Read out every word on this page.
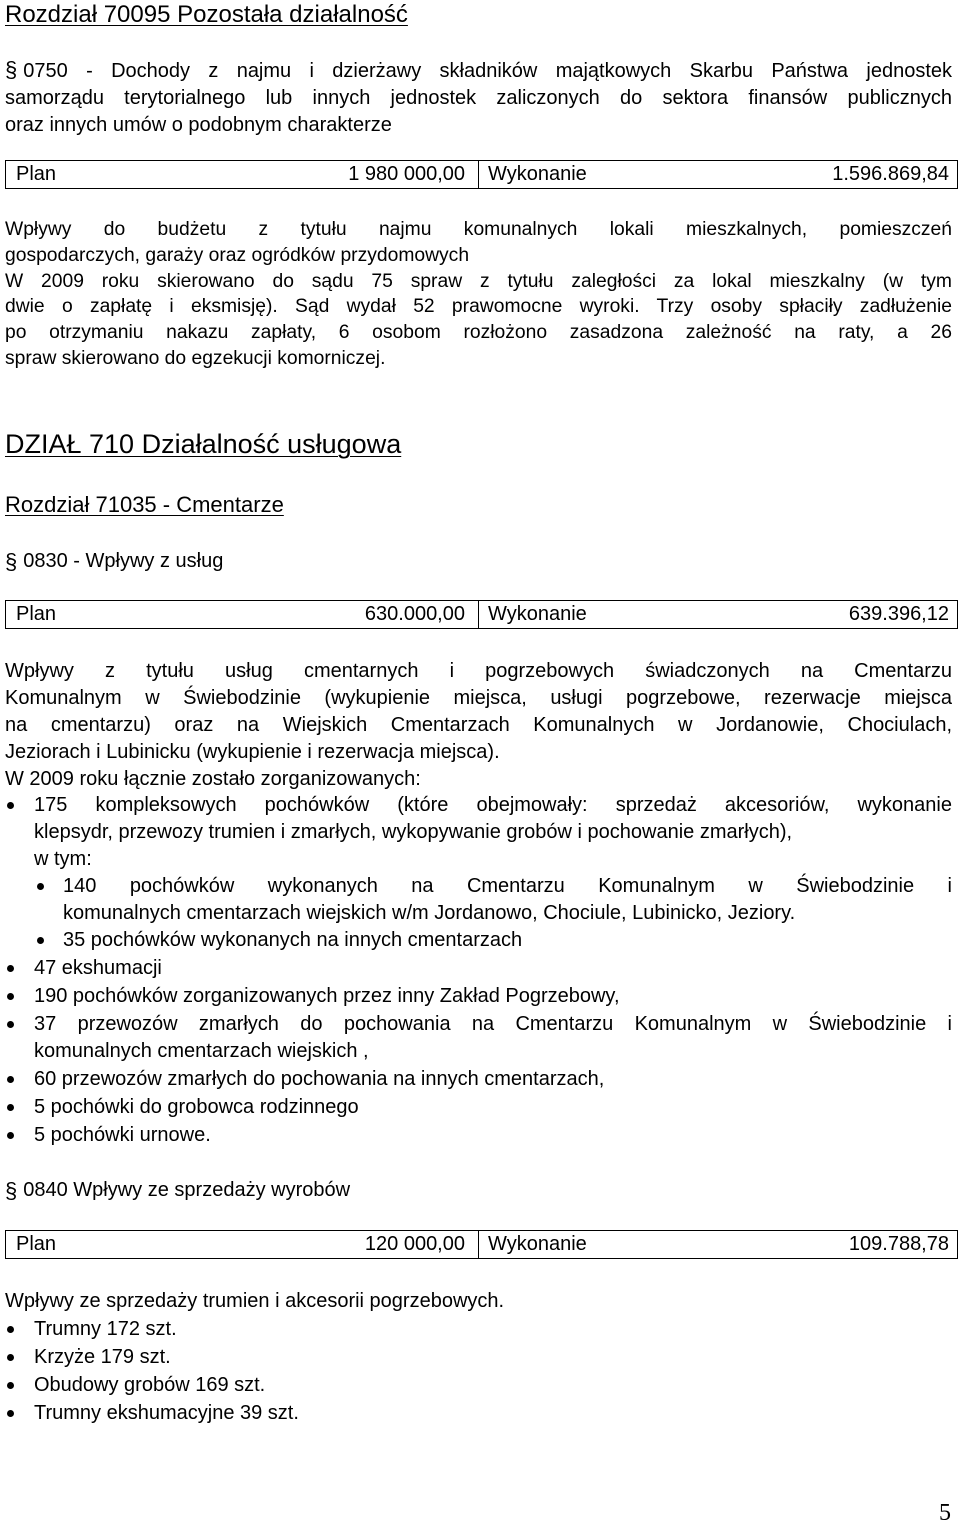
Rozdział 70095 Pozostała działalność
§ 0750 - Dochody z najmu i dzierżawy składników majątkowych Skarbu Państwa jednostek
samorządu terytorialnego lub innych jednostek zaliczonych do sektora finansów publicznych
oraz innych umów o podobnym charakterze
Plan	1 980 000,00 Wykonanie	1.596.869,84
Wpływy do budżetu z tytułu najmu komunalnych lokali mieszkalnych, pomieszczeń
gospodarczych, garaży oraz ogródków przydomowych
W 2009 roku skierowano do sądu 75 spraw z tytułu zaległości za lokal mieszkalny (w tym
dwie o zapłatę i eksmisję). Sąd wydał 52 prawomocne wyroki. Trzy osoby spłaciły zadłużenie
po otrzymaniu nakazu zapłaty, 6 osobom rozłożono zasadzona zależność na raty, a 26
spraw skierowano do egzekucji komorniczej.
DZIAŁ 710 Działalność usługowa
Rozdział 71035 - Cmentarze
§ 0830 - Wpływy z usług
Plan	630.000,00 Wykonanie	639.396,12
Wpływy z tytułu usług cmentarnych i pogrzebowych świadczonych na Cmentarzu
Komunalnym w Świebodzinie (wykupienie miejsca, usługi pogrzebowe, rezerwacje miejsca
na cmentarzu) oraz na Wiejskich Cmentarzach Komunalnych w Jordanowie, Chociulach,
Jeziorach i Lubinicku (wykupienie i rezerwacja miejsca).
W 2009 roku łącznie zostało zorganizowanych:
175 kompleksowych pochówków (które obejmowały: sprzedaż akcesoriów, wykonanie
klepsydr, przewozy trumien i zmarłych, wykopywanie grobów i pochowanie zmarłych),
w tym:
140 pochówków wykonanych na Cmentarzu Komunalnym w Świebodzinie i
komunalnych cmentarzach wiejskich w/m Jordanowo, Chociule, Lubinicko, Jeziory.
35 pochówków wykonanych na innych cmentarzach
47 ekshumacji
190 pochówków zorganizowanych przez inny Zakład Pogrzebowy,
37 przewozów zmarłych do pochowania na Cmentarzu Komunalnym w Świebodzinie i
komunalnych cmentarzach wiejskich ,
60 przewozów zmarłych do pochowania na innych cmentarzach,
5 pochówki do grobowca rodzinnego
5 pochówki urnowe.
§ 0840 Wpływy ze sprzedaży wyrobów
Plan	120 000,00 Wykonanie	109.788,78
Wpływy ze sprzedaży trumien i akcesorii pogrzebowych.
Trumny 172 szt.
Krzyże 179 szt.
Obudowy grobów 169 szt.
Trumny ekshumacyjne 39 szt.
5
